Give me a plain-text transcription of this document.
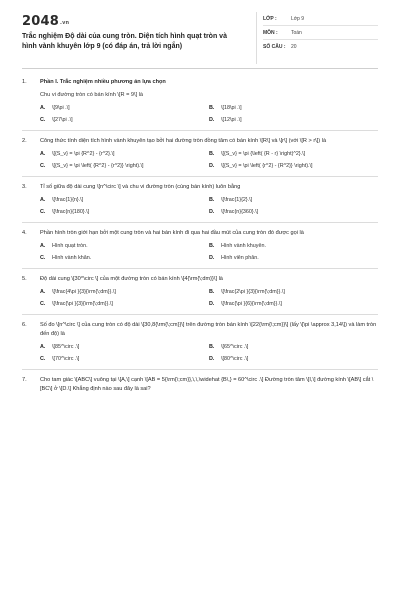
2048.vn
Trắc nghiệm Độ dài của cung tròn. Diện tích hình quạt tròn và hình vành khuyên lớp 9 (có đáp án, trả lời ngắn)
LỚP :	Lớp 9
MÔN :	Toán
SỐ CÂU :	20
1.	Phần I. Trắc nghiệm nhiều phương án lựa chọn
Chu vi đường tròn có bán kính \[R = 9\] là
A.	\[9\pi .\]	B.	\[18\pi .\]
C.	\[27\pi .\]	D.	\[12\pi .\]
2.	Công thức tính diện tích hình vành khuyên tạo bởi hai đường tròn đồng tâm có bán kính \[R\] và \[r\] (với \[R > r\]) là
A.	\[{S_v} = \pi {R^2} - {r^2}.\]	B.	\[{S_v} = \pi {\left( {R - r} \right)^2}.\]
C.	\[{S_v} = \pi \left( {R^2} - {r^2}} \right).\]	D.	\[{S_v} = \pi \left( {r^2} - {R^2}} \right).\]
3.	Tỉ số giữa độ dài cung \[n^\circ \] và chu vi đường tròn (cùng bán kính) luôn bằng
A.	\[\frac{1}{n}.\]	B.	\[\frac{1}{2}.\]
C.	\[\frac{n}{180}.\]	D.	\[\frac{n}{360}.\]
4.	Phần hình tròn giới hạn bởi một cung tròn và hai bán kính đi qua hai đầu mút của cung tròn đó được gọi là
A.	Hình quạt tròn.	B.	Hình vành khuyên.
C.	Hình vành khăn.	D.	Hình viên phân.
5.	Độ dài cung \[30^\circ \] của một đường tròn có bán kính \[4{\rm{\;dm}}\] là
A.	\[\frac{4\pi }{3}{\rm{\;dm}}.\]	B.	\[\frac{2\pi }{3}{\rm{\;dm}}.\]
C.	\[\frac{\pi }{3}{\rm{\;dm}}.\]	D.	\[\frac{\pi }{6}{\rm{\;dm}}.\]
6.	Số đo \[n^\circ \] của cung tròn có độ dài \[30,8{\rm{\;cm}}\] trên đường tròn bán kính \[22{\rm{\;cm}}\] (lấy \[\pi \approx 3,14\]) và làm tròn đến độ) là
A.	\[85^\circ .\]	B.	\[65^\circ .\]
C.	\[70^\circ .\]	D.	\[80^\circ .\]
7.	Cho tam giác \[ABC\] vuông tại \[A,\] cạnh \[AB = 5{\rm{\;cm}},\,\,\widehat {B\,} = 60^\circ .\] Đường tròn tâm \[I,\] đường kính \[AB\] cắt \[BC\] ở \[D.\] Khẳng định nào sau đây là sai?
